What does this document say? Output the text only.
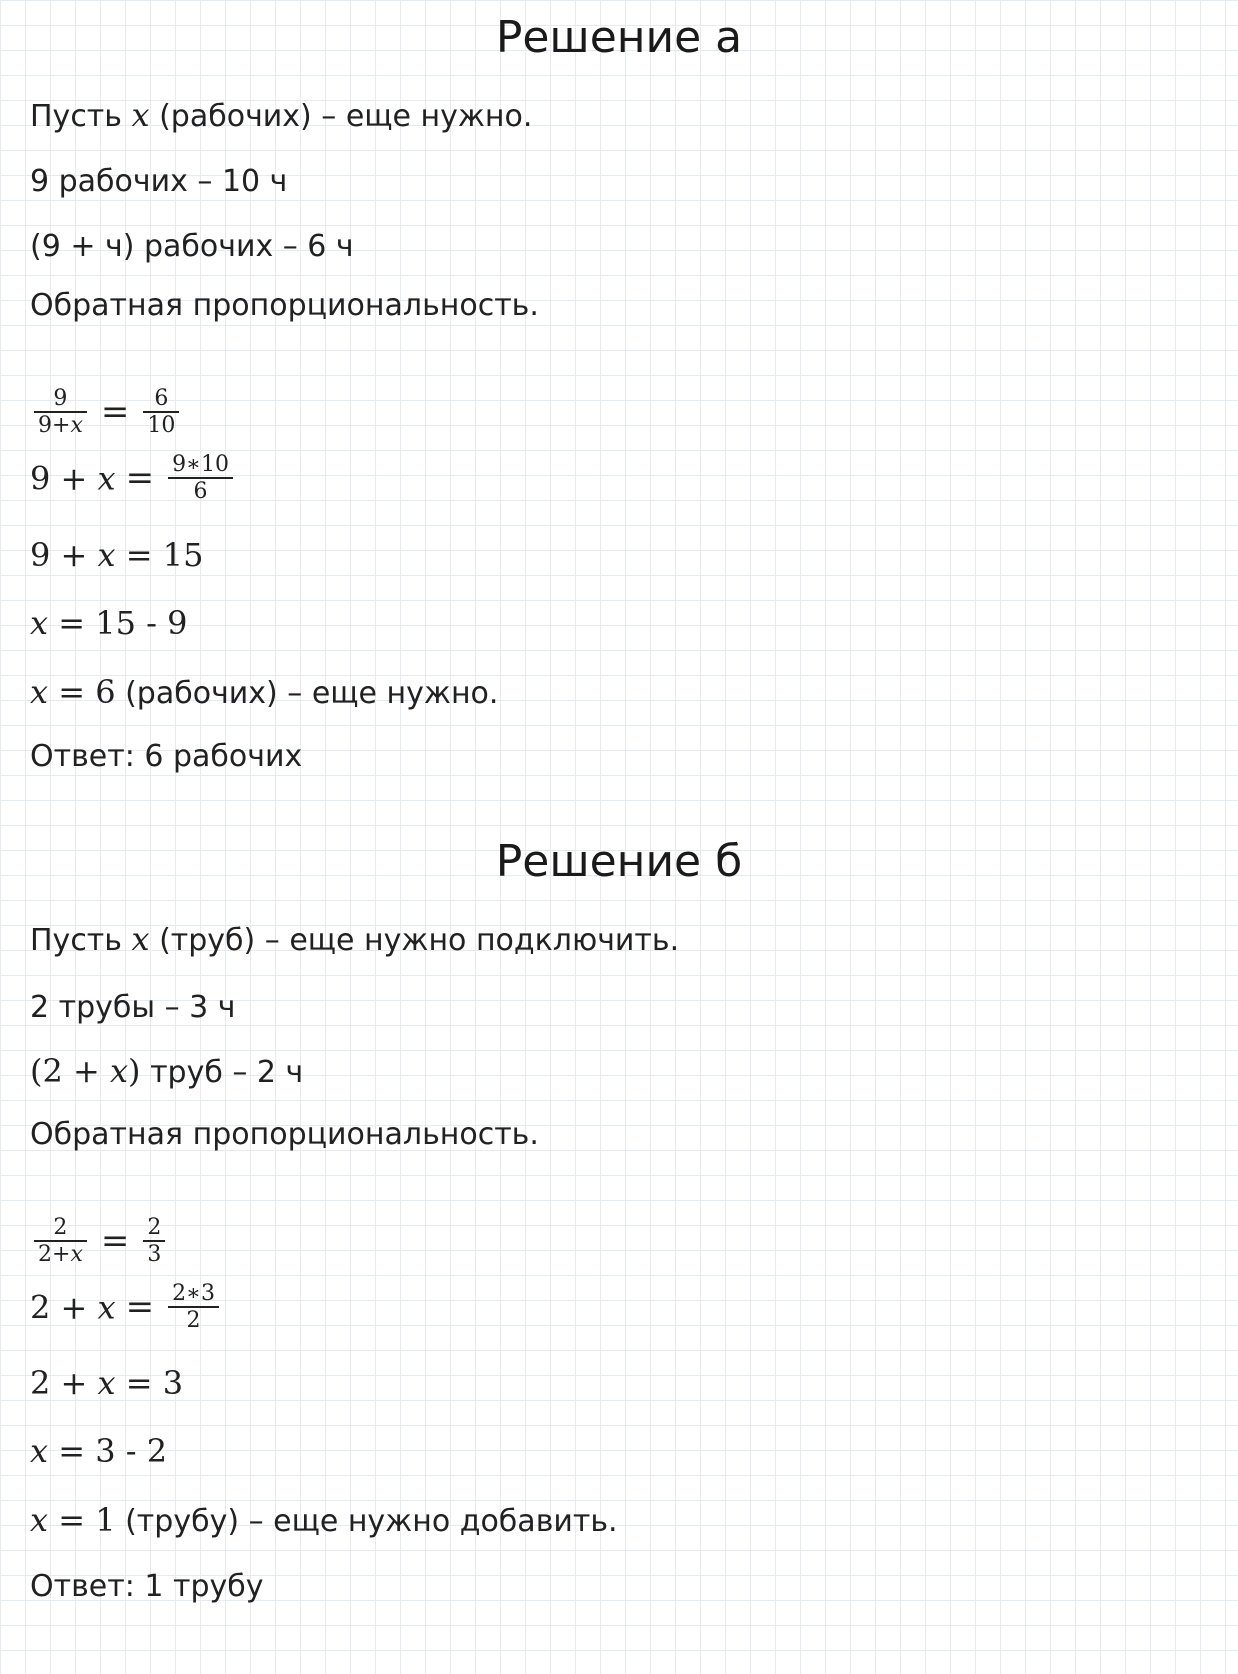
Решение а
Пусть x (рабочих) – еще нужно.
9 рабочих – 10 ч
(9 + ч) рабочих – 6 ч
Обратная пропорциональность.
$\frac{9}{9+x} = \frac{6}{10}$
$9 + x = \frac{9∗10}{6}$
9 + x = 15
x = 15 - 9
x = 6 (рабочих) – еще нужно.
Ответ: 6 рабочих
Решение б
Пусть x (труб) – еще нужно подключить.
2 трубы – 3 ч
(2 + x) труб – 2 ч
Обратная пропорциональность.
$\frac{2}{2+x} = \frac{2}{3}$
$2 + x = \frac{2∗3}{2}$
2 + x = 3
x = 3 - 2
x = 1 (трубу) – еще нужно добавить.
Ответ: 1 трубу
